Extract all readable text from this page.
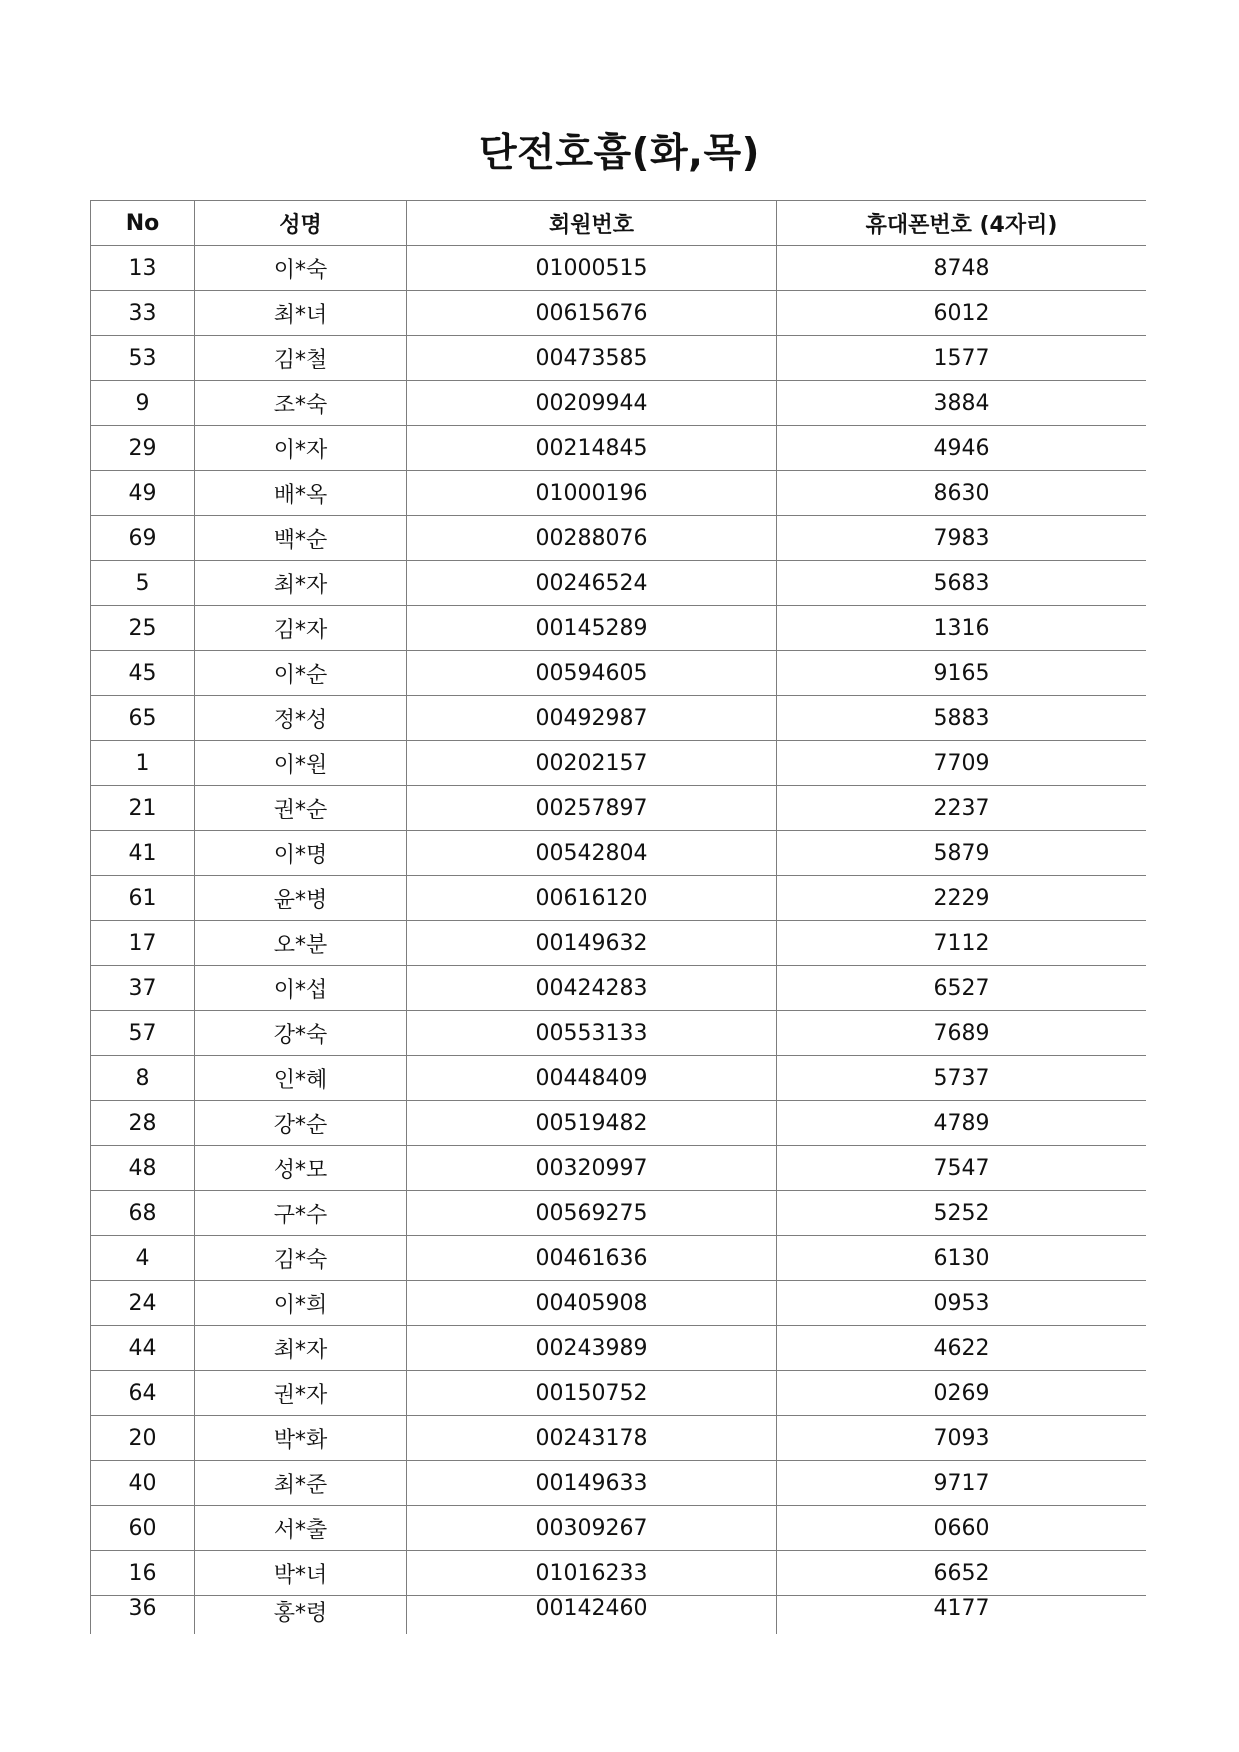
단전호흡(화,목)
No	성명	회원번호	휴대폰번호 (4자리)
13	이*숙	01000515	8748
33	최*녀	00615676	6012
53	김*철	00473585	1577
9	조*숙	00209944	3884
29	이*자	00214845	4946
49	배*옥	01000196	8630
69	백*순	00288076	7983
5	최*자	00246524	5683
25	김*자	00145289	1316
45	이*순	00594605	9165
65	정*성	00492987	5883
1	이*원	00202157	7709
21	권*순	00257897	2237
41	이*명	00542804	5879
61	윤*병	00616120	2229
17	오*분	00149632	7112
37	이*섭	00424283	6527
57	강*숙	00553133	7689
8	인*혜	00448409	5737
28	강*순	00519482	4789
48	성*모	00320997	7547
68	구*수	00569275	5252
4	김*숙	00461636	6130
24	이*희	00405908	0953
44	최*자	00243989	4622
64	권*자	00150752	0269
20	박*화	00243178	7093
40	최*준	00149633	9717
60	서*출	00309267	0660
16	박*녀	01016233	6652
36	홍*령	00142460	4177
